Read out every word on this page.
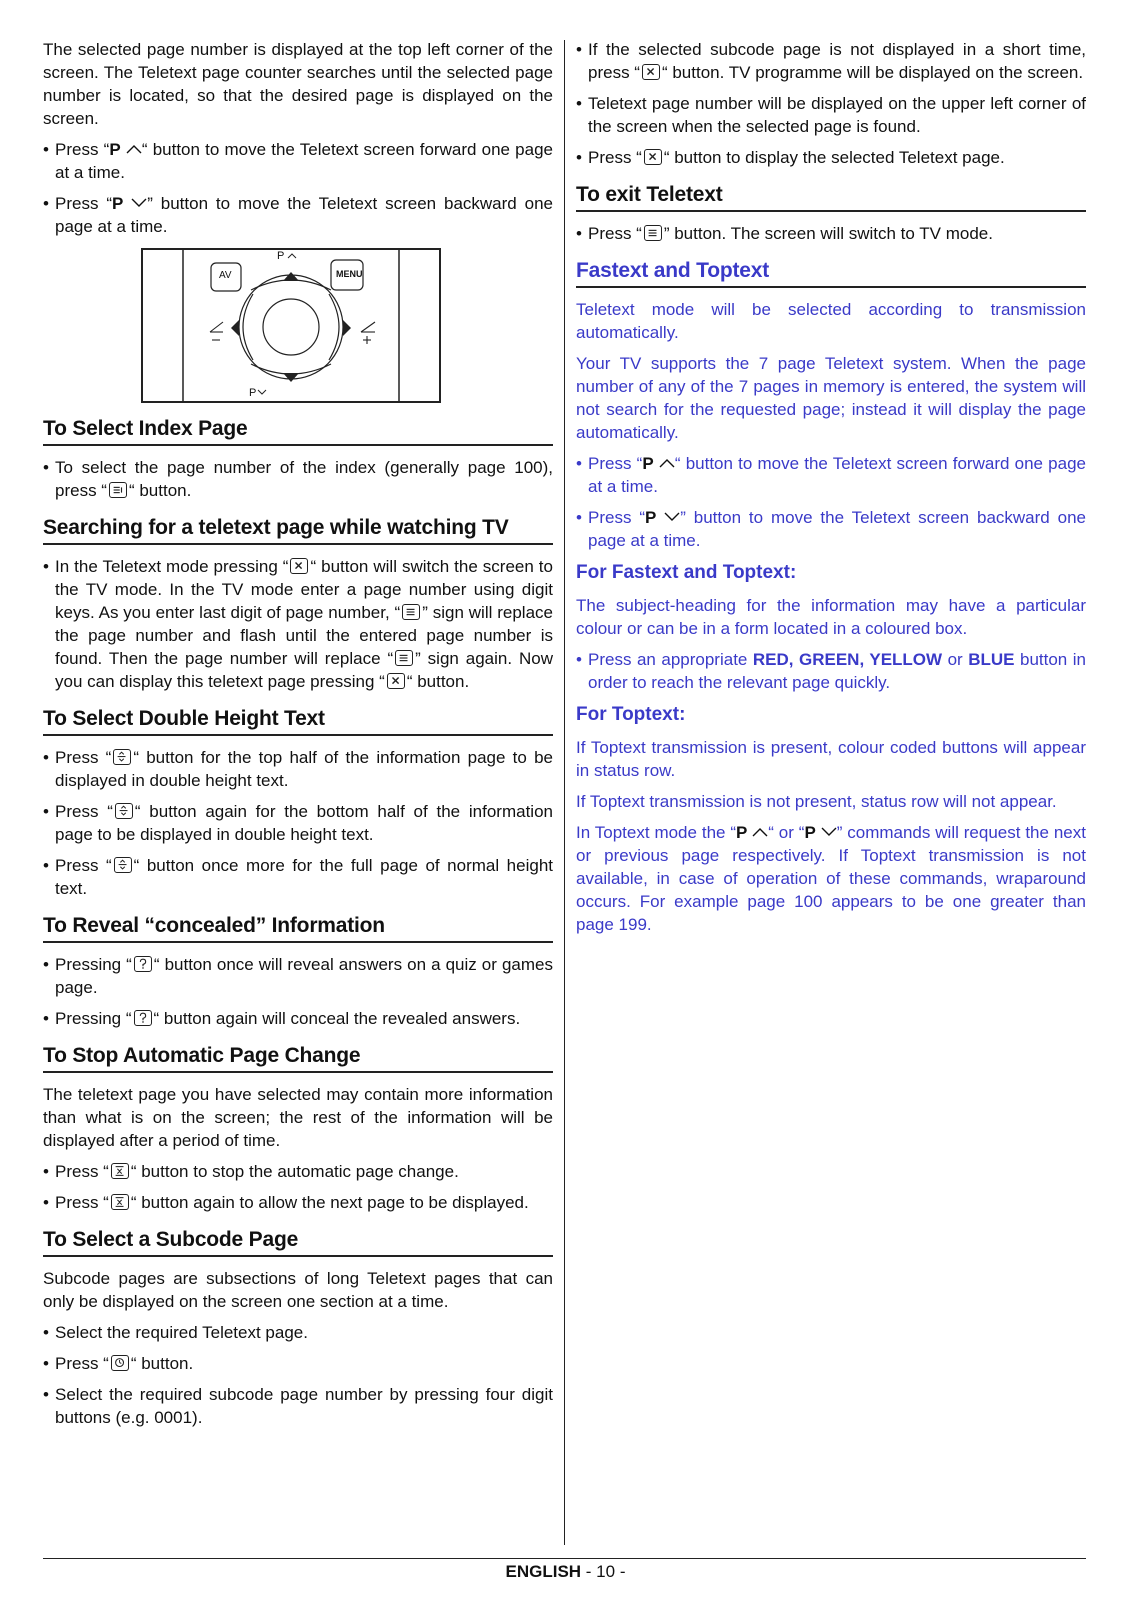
The selected page number is displayed at the top left corner of the screen. The Teletext page counter searches until the selected page number is located, so that the desired page is displayed on the screen.

• Press “P “ button to move the Teletext screen forward one page at a time.
• Press “P ” button to move the Teletext screen backward one page at a time.
AV	MENU
P
P
To Select Index Page
• To select the page number of the index (generally page 100), press “ “ button.
Searching for a teletext page while watching TV
• In the Teletext mode pressing “ “ button will switch the screen to the TV mode. In the TV mode enter a page number using digit keys. As you enter last digit of page number, “ ” sign will replace the page number and flash until the entered page number is found. Then the page number will replace “ ” sign again. Now you can display this teletext page pressing “ “ button.
To Select Double Height Text
• Press “ “ button for the top half of the information page to be displayed in double height text.
• Press “ “ button again for the bottom half of the information page to be displayed in double height text.
• Press “ “ button once more for the full page of normal height text.
To Reveal “concealed” Information
• Pressing “ “ button once will reveal answers on a quiz or games page.
• Pressing “ “ button again will conceal the revealed answers.
To Stop Automatic Page Change

The teletext page you have selected may contain more information than what is on the screen; the rest of the information will be displayed after a period of time.

• Press “ “ button to stop the automatic page change.
• Press “ “ button again to allow the next page to be displayed.
To Select a Subcode Page

Subcode pages are subsections of long Teletext pages that can only be displayed on the screen one section at a time.

• Select the required Teletext page.
• Press “ “ button.
• Select the required subcode page number by pressing four digit buttons (e.g. 0001).
• If the selected subcode page is not displayed in a short time, press “ “ button. TV programme will be displayed on the screen.
• Teletext page number will be displayed on the upper left corner of the screen when the selected page is found.
• Press “ “ button to display the selected Teletext page.
To exit Teletext
• Press “ ” button. The screen will switch to TV mode.
Fastext and Toptext

Teletext mode will be selected according to transmission automatically.

Your TV supports the 7 page Teletext system. When the page number of any of the 7 pages in memory is entered, the system will not search for the requested page; instead it will display the page automatically.

• Press “P “ button to move the Teletext screen forward one page at a time.
• Press “P ” button to move the Teletext screen backward one page at a time.
For Fastext and Toptext:

The subject-heading for the information may have a particular colour or can be in a form located in a coloured box.

• Press an appropriate RED, GREEN, YELLOW or BLUE button in order to reach the relevant page quickly.
For Toptext:

If Toptext transmission is present, colour coded buttons will appear in status row.

If Toptext transmission is not present, status row will not appear.

In Toptext mode the “P “ or “P ” commands will request the next or previous page respectively. If Toptext transmission is not available, in case of operation of these commands, wraparound occurs. For example page 100 appears to be one greater than page 199.

ENGLISH - 10 -
